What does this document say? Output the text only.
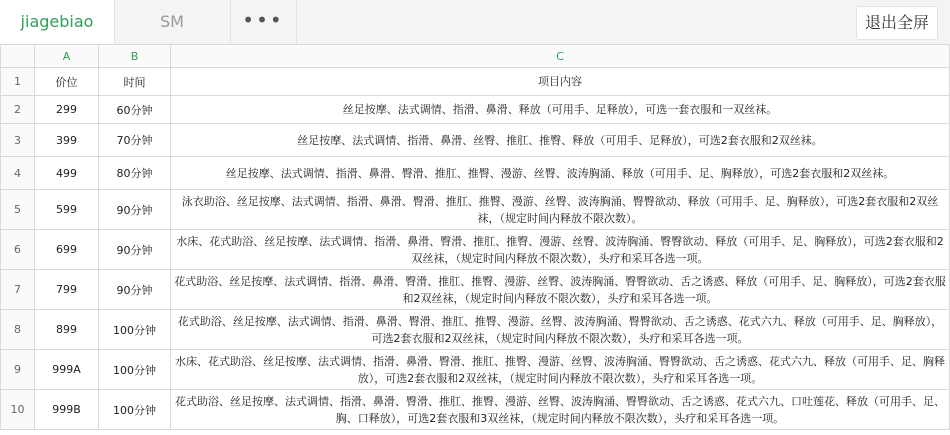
jiagebiao	SM	•••	退出全屏
	A	B	C
1	价位	时间	项目内容
2	299	60分钟	丝足按摩、法式调情、指滑、鼻滑、释放（可用手、足释放），可选一套衣服和一双丝袜。
3	399	70分钟	丝足按摩、法式调情、指滑、鼻滑、丝臀、推肛、推臀、释放（可用手、足释放），可选2套衣服和2双丝袜。
4	499	80分钟	丝足按摩、法式调情、指滑、鼻滑、臀滑、推肛、推臀、漫游、丝臀、波涛胸涌、释放（可用手、足、胸释放），可选2套衣服和2双丝袜。
5	599	90分钟	泳衣助浴、丝足按摩、法式调情、指滑、鼻滑、臀滑、推肛、推臀、漫游、丝臀、波涛胸涌、臀臀欲动、释放（可用手、足、胸释放），可选2套衣服和2双丝袜，（规定时间内释放不限次数）。
6	699	90分钟	水床、花式助浴、丝足按摩、法式调情、指滑、鼻滑、臀滑、推肛、推臀、漫游、丝臀、波涛胸涌、臀臀欲动、释放（可用手、足、胸释放），可选2套衣服和2双丝袜，（规定时间内释放不限次数），头疗和采耳各选一项。
7	799	90分钟	花式助浴、丝足按摩、法式调情、指滑、鼻滑、臀滑、推肛、推臀、漫游、丝臀、波涛胸涌、臀臀欲动、舌之诱惑、释放（可用手、足、胸释放），可选2套衣服和2双丝袜，（规定时间内释放不限次数），头疗和采耳各选一项。
8	899	100分钟	花式助浴、丝足按摩、法式调情、指滑、鼻滑、臀滑、推肛、推臀、漫游、丝臀、波涛胸涌、臀臀欲动、舌之诱惑、花式六九、释放（可用手、足、胸释放），可选2套衣服和2双丝袜，（规定时间内释放不限次数），头疗和采耳各选一项。
9	999A	100分钟	水床、花式助浴、丝足按摩、法式调情、指滑、鼻滑、臀滑、推肛、推臀、漫游、丝臀、波涛胸涌、臀臀欲动、舌之诱惑、花式六九、释放（可用手、足、胸释放），可选2套衣服和2双丝袜，（规定时间内释放不限次数），头疗和采耳各选一项。
10	999B	100分钟	花式助浴、丝足按摩、法式调情、指滑、鼻滑、臀滑、推肛、推臀、漫游、丝臀、波涛胸涌、臀臀欲动、舌之诱惑、花式六九、口吐莲花、释放（可用手、足、胸、口释放），可选2套衣服和3双丝袜，（规定时间内释放不限次数），头疗和采耳各选一项。
